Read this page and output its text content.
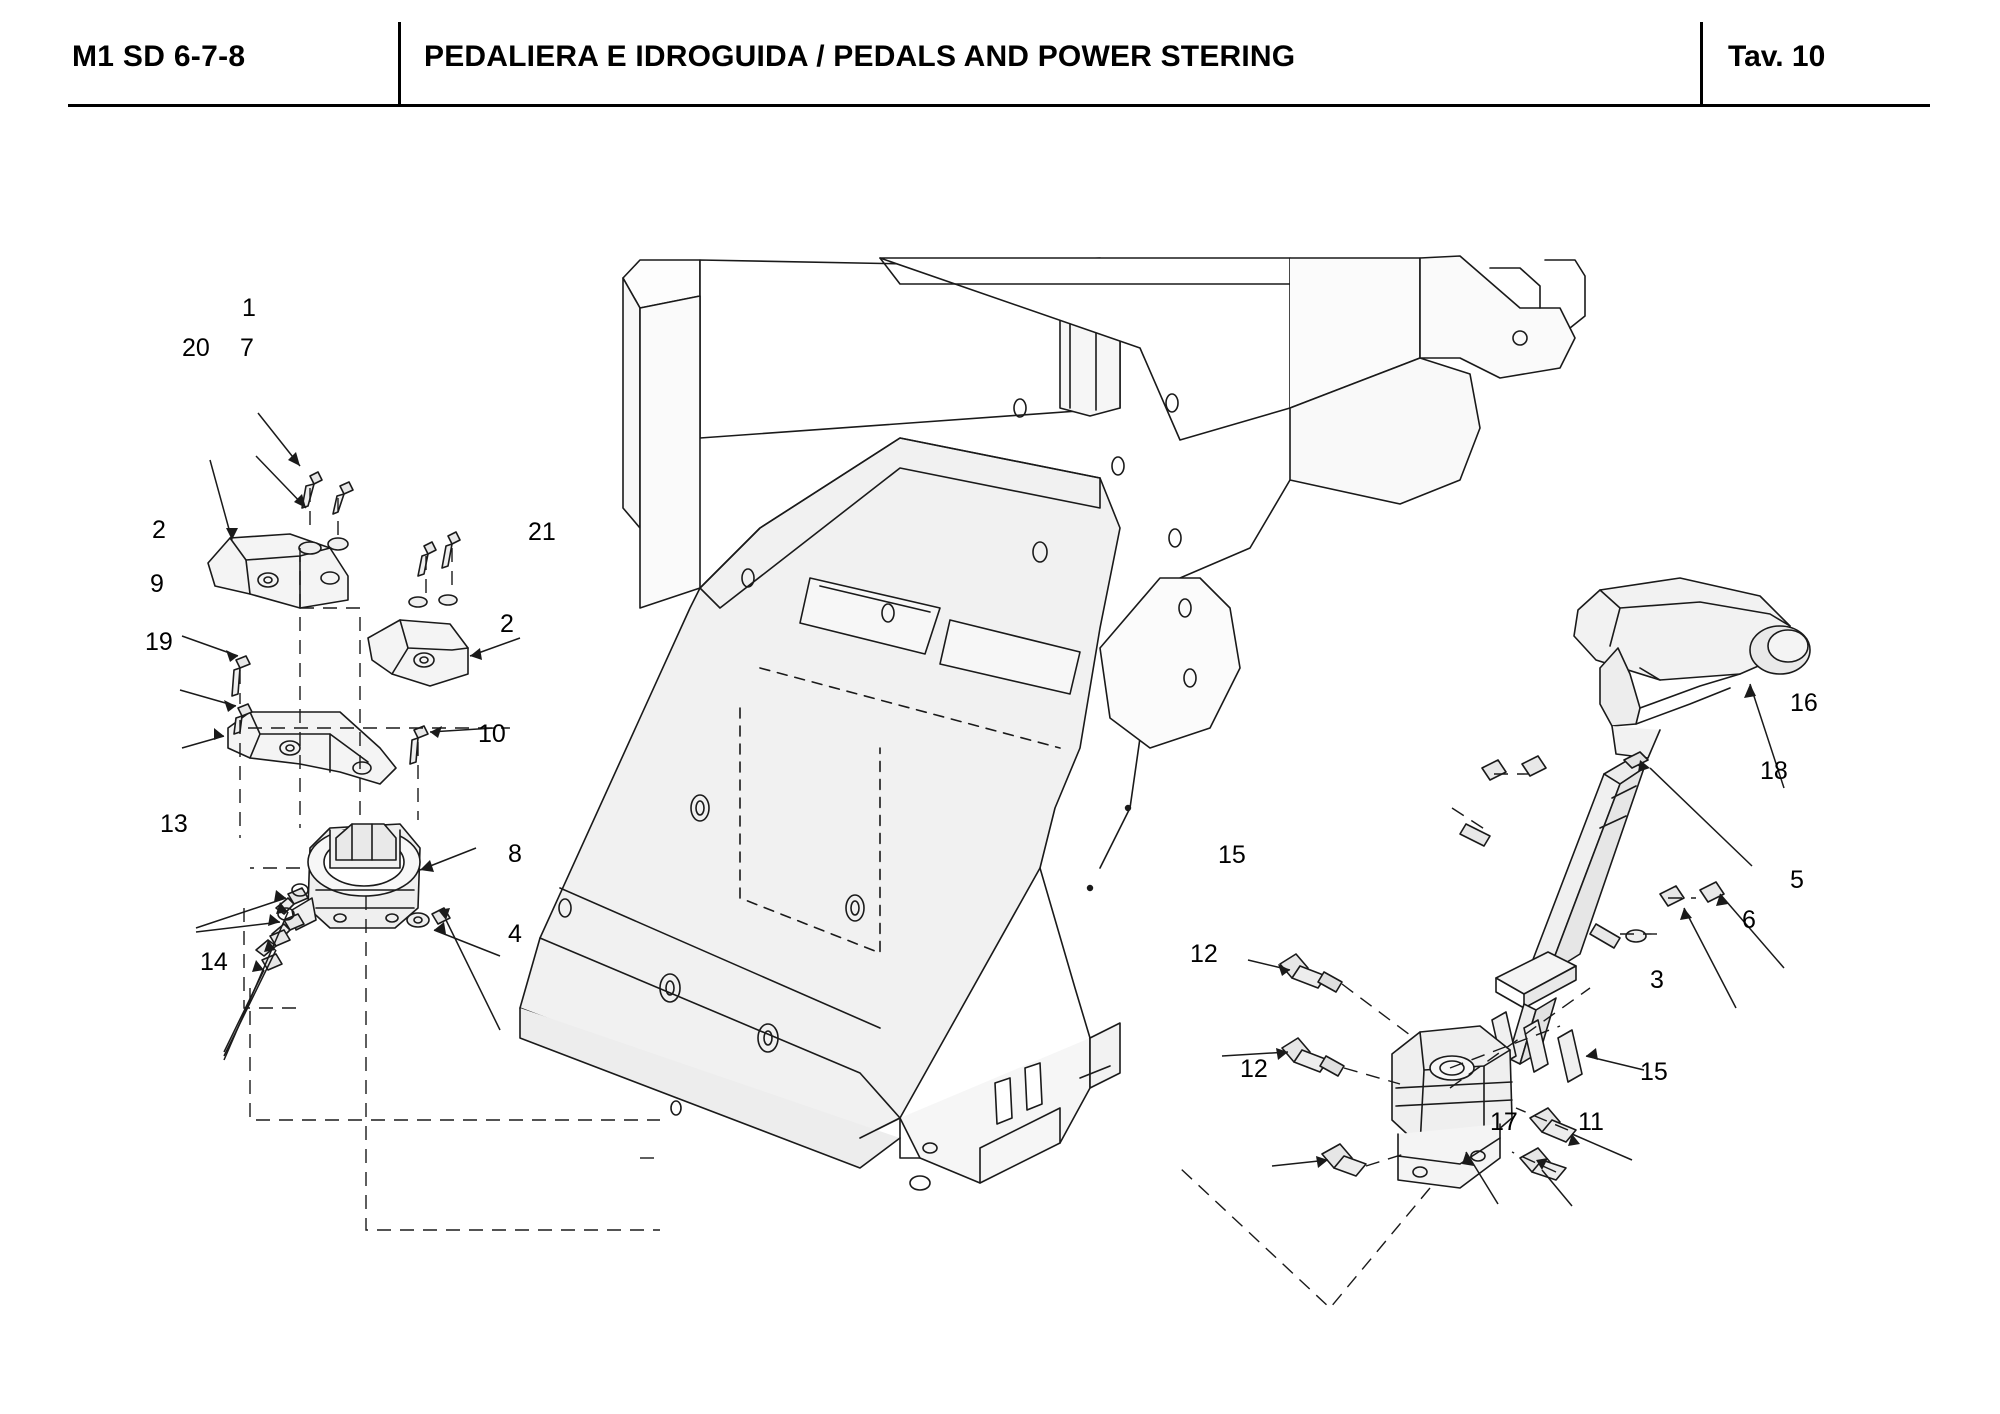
M1 SD 6-7-8	PEDALIERA E IDROGUIDA / PEDALS AND POWER STERING	Tav. 10
1
20 7
2	21
9
2
19
10
13
8
4
14
15
12
12
16
18
5
6
3
15
11
17
